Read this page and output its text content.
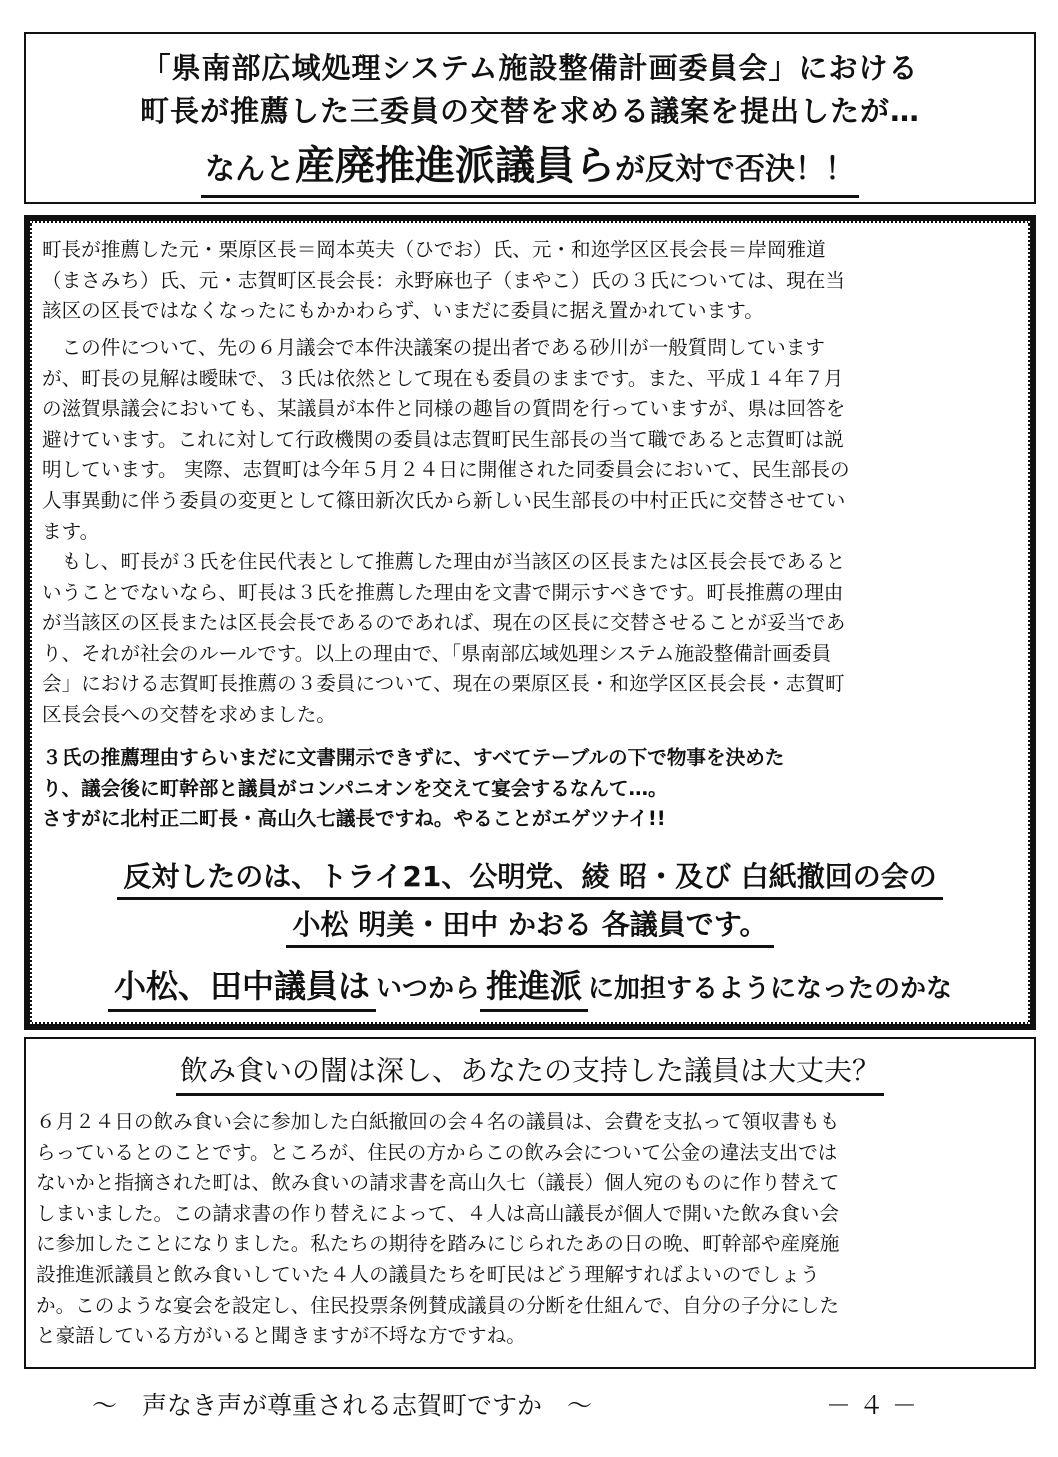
「県南部広域処理システム施設整備計画委員会」における
町長が推薦した三委員の交替を求める議案を提出したが…
なんと産廃推進派議員らが反対で否決！！
町長が推薦した元・栗原区長＝岡本英夫（ひでお）氏、元・和迩学区区長会長＝岸岡雅道
（まさみち）氏、元・志賀町区長会長：永野麻也子（まやこ）氏の３氏については、現在当
該区の区長ではなくなったにもかかわらず、いまだに委員に据え置かれています。
　この件について、先の６月議会で本件決議案の提出者である砂川が一般質問しています
が、町長の見解は曖昧で、３氏は依然として現在も委員のままです。また、平成１４年７月
の滋賀県議会においても、某議員が本件と同様の趣旨の質問を行っていますが、県は回答を
避けています。これに対して行政機関の委員は志賀町民生部長の当て職であると志賀町は説
明しています。 実際、志賀町は今年５月２４日に開催された同委員会において、民生部長の
人事異動に伴う委員の変更として篠田新次氏から新しい民生部長の中村正氏に交替させてい
ます。
　もし、町長が３氏を住民代表として推薦した理由が当該区の区長または区長会長であると
いうことでないなら、町長は３氏を推薦した理由を文書で開示すべきです。町長推薦の理由
が当該区の区長または区長会長であるのであれば、現在の区長に交替させることが妥当であ
り、それが社会のルールです。以上の理由で、「県南部広域処理システム施設整備計画委員
会」における志賀町長推薦の３委員について、現在の栗原区長・和迩学区区長会長・志賀町
区長会長への交替を求めました。
３氏の推薦理由すらいまだに文書開示できずに、すべてテーブルの下で物事を決めた
り、議会後に町幹部と議員がコンパニオンを交えて宴会するなんて…。
さすがに北村正二町長・高山久七議長ですね。やることがエゲツナイ!!
反対したのは、トライ21、公明党、綾 昭・及び 白紙撤回の会の
小松 明美・田中 かおる 各議員です。
小松、田中議員は いつから 推進派 に加担するようになったのかな
飲み食いの闇は深し、あなたの支持した議員は大丈夫？
６月２４日の飲み食い会に参加した白紙撤回の会４名の議員は、会費を支払って領収書もも
らっているとのことです。ところが、住民の方からこの飲み会について公金の違法支出では
ないかと指摘された町は、飲み食いの請求書を高山久七（議長）個人宛のものに作り替えて
しまいました。この請求書の作り替えによって、４人は高山議長が個人で開いた飲み食い会
に参加したことになりました。私たちの期待を踏みにじられたあの日の晩、町幹部や産廃施
設推進派議員と飲み食いしていた４人の議員たちを町民はどう理解すればよいのでしょう
か。このような宴会を設定し、住民投票条例賛成議員の分断を仕組んで、自分の子分にした
と豪語している方がいると聞きますが不埒な方ですね。
～　声なき声が尊重される志賀町ですか　～	－ ４ －
